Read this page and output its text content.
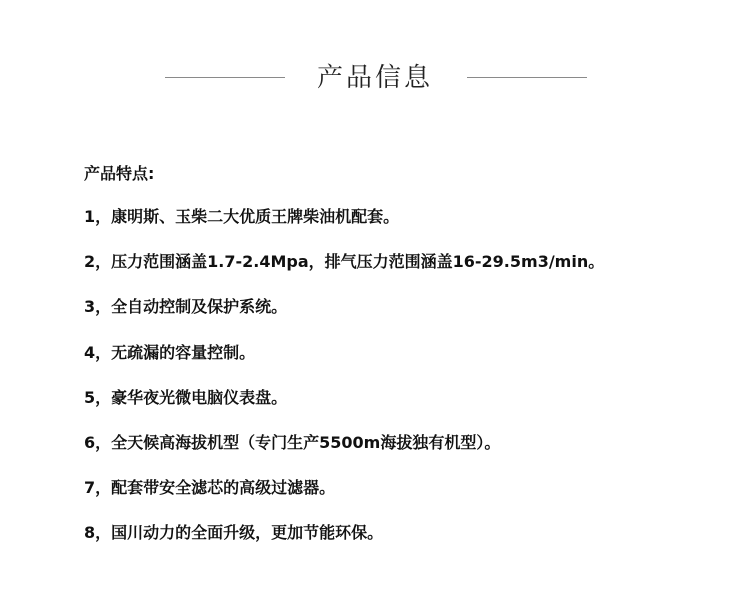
产品信息
产品特点:
1，康明斯、玉柴二大优质王牌柴油机配套。
2，压力范围涵盖1.7-2.4Mpa，排气压力范围涵盖16-29.5m3/min。
3，全自动控制及保护系统。
4，无疏漏的容量控制。
5，豪华夜光微电脑仪表盘。
6，全天候高海拔机型（专门生产5500m海拔独有机型）。
7，配套带安全滤芯的高级过滤器。
8，国川动力的全面升级，更加节能环保。
